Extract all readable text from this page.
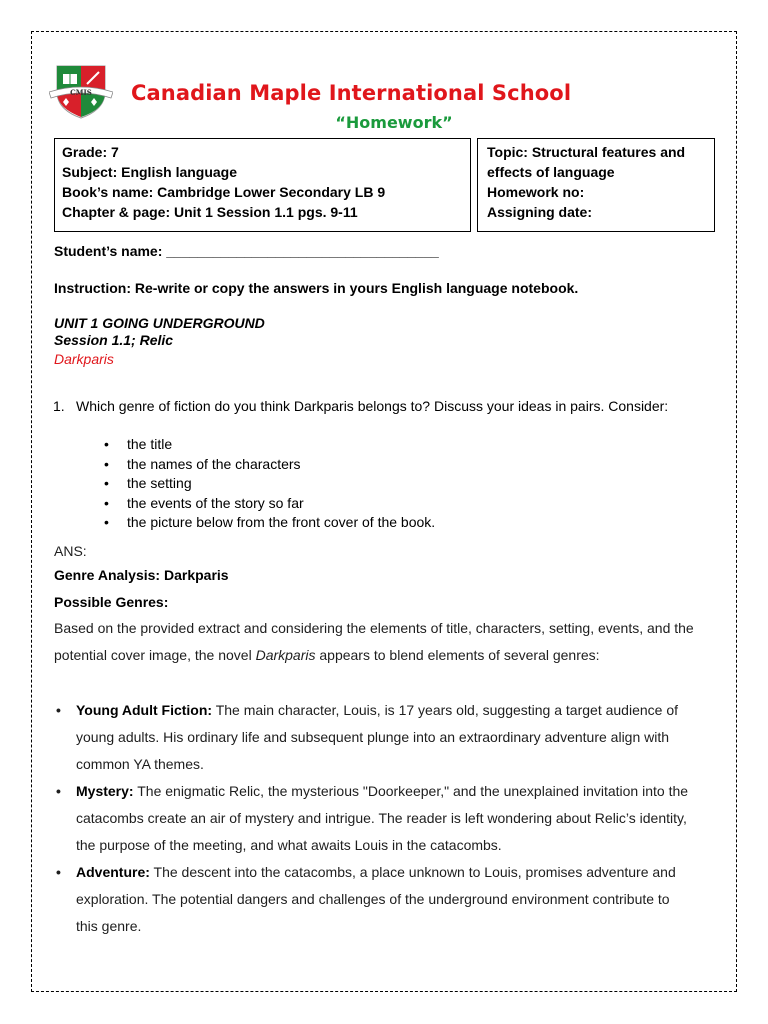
CMIS Canadian Maple International School
“Homework”
Grade: 7
Subject: English language
Book’s name: Cambridge Lower Secondary LB 9
Chapter & page: Unit 1 Session 1.1 pgs. 9-11
Topic: Structural features and
effects of language
Homework no:
Assigning date:
Student’s name: ___________________________________
Instruction: Re-write or copy the answers in yours English language notebook.
UNIT 1 GOING UNDERGROUND
Session 1.1; Relic
Darkparis
1. Which genre of fiction do you think Darkparis belongs to? Discuss your ideas in pairs. Consider:
• the title
• the names of the characters
• the setting
• the events of the story so far
• the picture below from the front cover of the book.
ANS:
Genre Analysis: Darkparis
Possible Genres:
Based on the provided extract and considering the elements of title, characters, setting, events, and the potential cover image, the novel Darkparis appears to blend elements of several genres:
• Young Adult Fiction: The main character, Louis, is 17 years old, suggesting a target audience of young adults. His ordinary life and subsequent plunge into an extraordinary adventure align with common YA themes.
• Mystery: The enigmatic Relic, the mysterious "Doorkeeper," and the unexplained invitation into the catacombs create an air of mystery and intrigue. The reader is left wondering about Relic’s identity, the purpose of the meeting, and what awaits Louis in the catacombs.
• Adventure: The descent into the catacombs, a place unknown to Louis, promises adventure and exploration. The potential dangers and challenges of the underground environment contribute to this genre.
